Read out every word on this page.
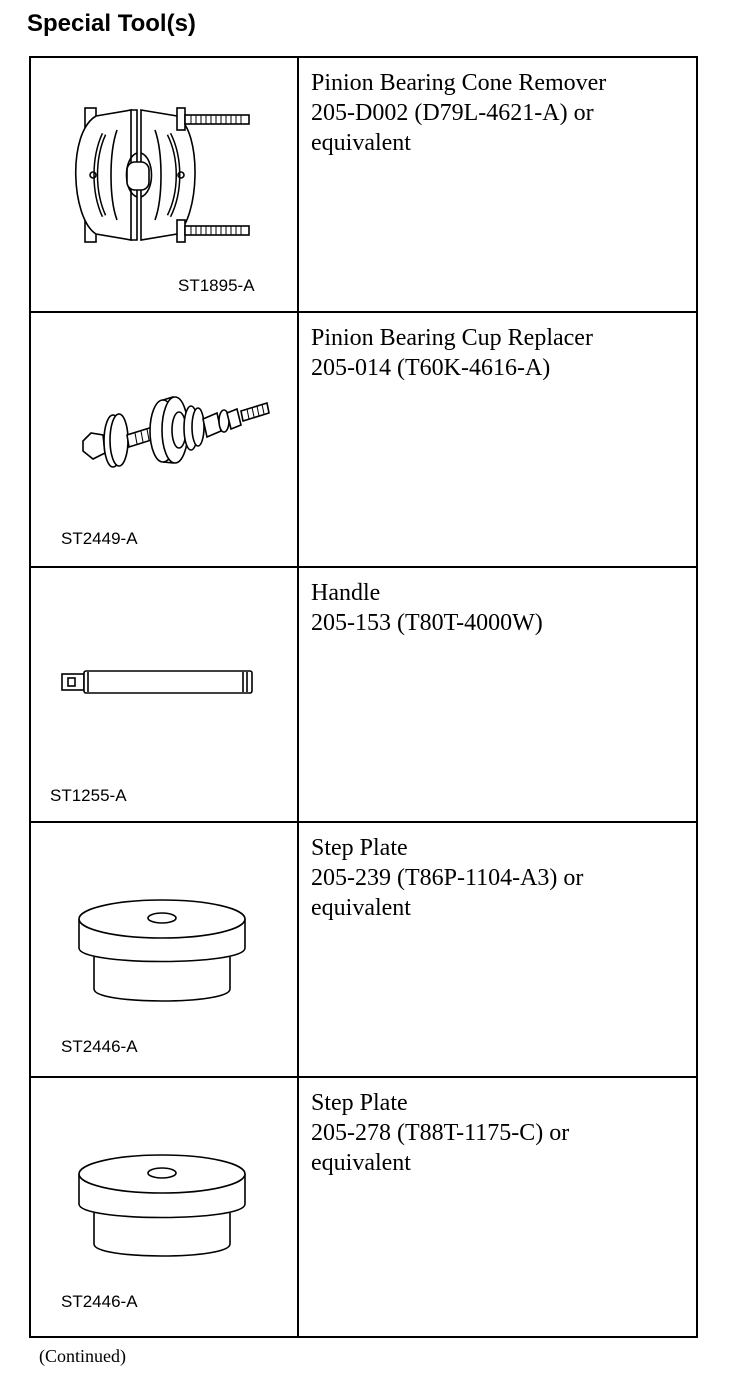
Special Tool(s)
ST1895-A
Pinion Bearing Cone Remover
205-D002 (D79L-4621-A) or
equivalent
ST2449-A
Pinion Bearing Cup Replacer
205-014 (T60K-4616-A)
ST1255-A
Handle
205-153 (T80T-4000W)
ST2446-A
Step Plate
205-239 (T86P-1104-A3) or
equivalent
ST2446-A
Step Plate
205-278 (T88T-1175-C) or
equivalent
(Continued)
